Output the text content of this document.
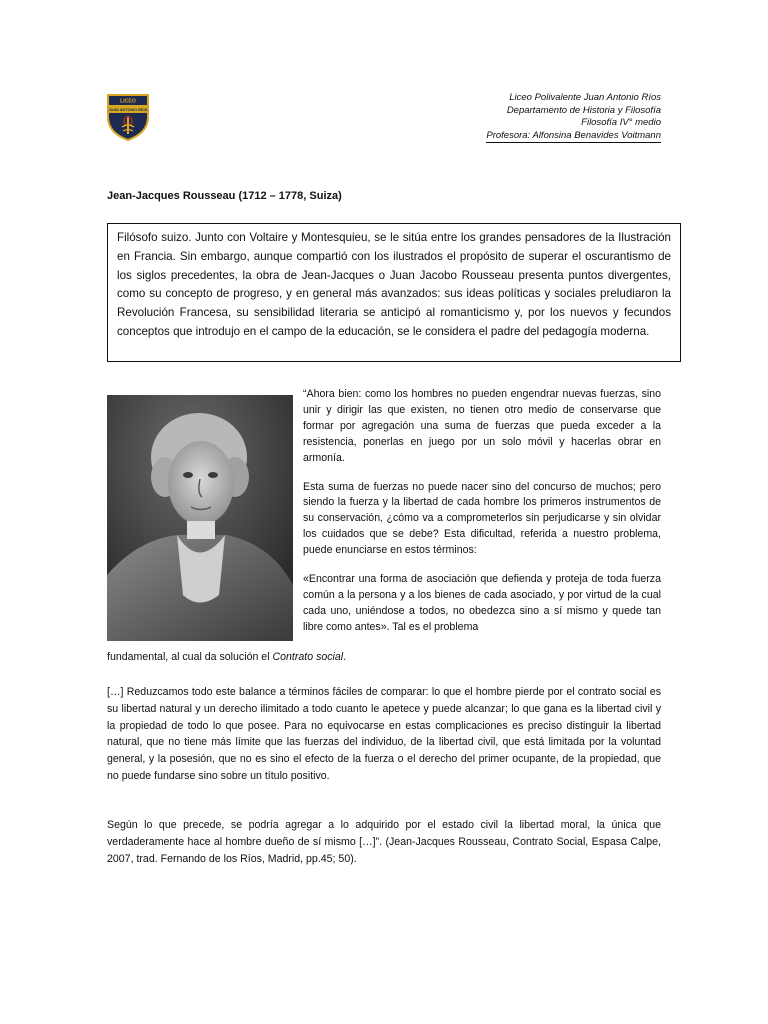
LICEO
JUAN ANTONIO RÍOS
Liceo Polivalente Juan Antonio Ríos
Departamento de Historia y Filosofía
Filosofía IV° medio
Profesora: Alfonsina Benavides Voitmann
Jean-Jacques Rousseau (1712 – 1778, Suiza)
Filósofo suizo. Junto con Voltaire y Montesquieu, se le sitúa entre los grandes pensadores de la Ilustración en Francia. Sin embargo, aunque compartió con los ilustrados el propósito de superar el oscurantismo de los siglos precedentes, la obra de Jean-Jacques o Juan Jacobo Rousseau presenta puntos divergentes, como su concepto de progreso, y en general más avanzados: sus ideas políticas y sociales preludiaron la Revolución Francesa, su sensibilidad literaria se anticipó al romanticismo y, por los nuevos y fecundos conceptos que introdujo en el campo de la educación, se le considera el padre del pedagogía moderna.

“Ahora bien: como los hombres no pueden engendrar nuevas fuerzas, sino unir y dirigir las que existen, no tienen otro medio de conservarse que formar por agregación una suma de fuerzas que pueda exceder a la resistencia, ponerlas en juego por un solo móvil y hacerlas obrar en armonía.

Esta suma de fuerzas no puede nacer sino del concurso de muchos; pero siendo la fuerza y la libertad de cada hombre los primeros instrumentos de su conservación, ¿cómo va a comprometerlos sin perjudicarse y sin olvidar los cuidados que se debe? Esta dificultad, referida a nuestro problema, puede enunciarse en estos términos:

«Encontrar una forma de asociación que defienda y proteja de toda fuerza común a la persona y a los bienes de cada asociado, y por virtud de la cual cada uno, uniéndose a todos, no obedezca sino a sí mismo y quede tan libre como antes». Tal es el problema

fundamental, al cual da solución el Contrato social.
[…] Reduzcamos todo este balance a términos fáciles de comparar: lo que el hombre pierde por el contrato social es su libertad natural y un derecho ilimitado a todo cuanto le apetece y puede alcanzar; lo que gana es la libertad civil y la propiedad de todo lo que posee. Para no equivocarse en estas complicaciones es preciso distinguir la libertad natural, que no tiene más límite que las fuerzas del individuo, de la libertad civil, que está limitada por la voluntad general, y la posesión, que no es sino el efecto de la fuerza o el derecho del primer ocupante, de la propiedad, que no puede fundarse sino sobre un título positivo.
Según lo que precede, se podría agregar a lo adquirido por el estado civil la libertad moral, la única que verdaderamente hace al hombre dueño de sí mismo […]”. (Jean-Jacques Rousseau, Contrato Social, Espasa Calpe, 2007, trad. Fernando de los Ríos, Madrid, pp.45; 50).
